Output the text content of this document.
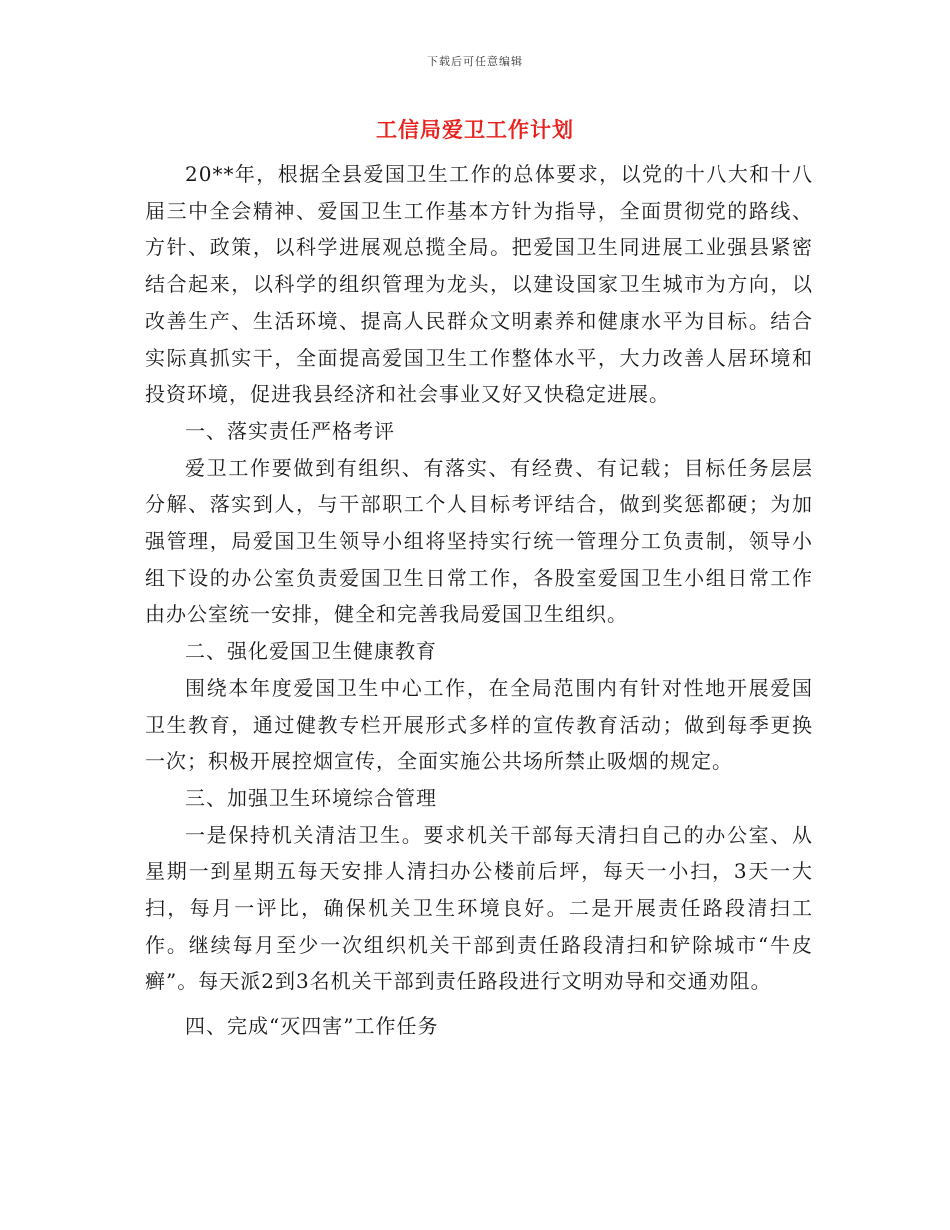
下载后可任意编辑
工信局爱卫工作计划

20**年，根据全县爱国卫生工作的总体要求，以党的十八大和十八届三中全会精神、爱国卫生工作基本方针为指导，全面贯彻党的路线、方针、政策，以科学进展观总揽全局。把爱国卫生同进展工业强县紧密结合起来，以科学的组织管理为龙头，以建设国家卫生城市为方向，以改善生产、生活环境、提高人民群众文明素养和健康水平为目标。结合实际真抓实干，全面提高爱国卫生工作整体水平，大力改善人居环境和投资环境，促进我县经济和社会事业又好又快稳定进展。

一、落实责任严格考评

爱卫工作要做到有组织、有落实、有经费、有记载；目标任务层层分解、落实到人，与干部职工个人目标考评结合，做到奖惩都硬；为加强管理，局爱国卫生领导小组将坚持实行统一管理分工负责制，领导小组下设的办公室负责爱国卫生日常工作，各股室爱国卫生小组日常工作由办公室统一安排，健全和完善我局爱国卫生组织。

二、强化爱国卫生健康教育

围绕本年度爱国卫生中心工作，在全局范围内有针对性地开展爱国卫生教育，通过健教专栏开展形式多样的宣传教育活动；做到每季更换一次；积极开展控烟宣传，全面实施公共场所禁止吸烟的规定。

三、加强卫生环境综合管理

一是保持机关清洁卫生。要求机关干部每天清扫自己的办公室、从星期一到星期五每天安排人清扫办公楼前后坪，每天一小扫，3天一大扫，每月一评比，确保机关卫生环境良好。二是开展责任路段清扫工作。继续每月至少一次组织机关干部到责任路段清扫和铲除城市“牛皮癣”。每天派2到3名机关干部到责任路段进行文明劝导和交通劝阻。

四、完成“灭四害”工作任务
